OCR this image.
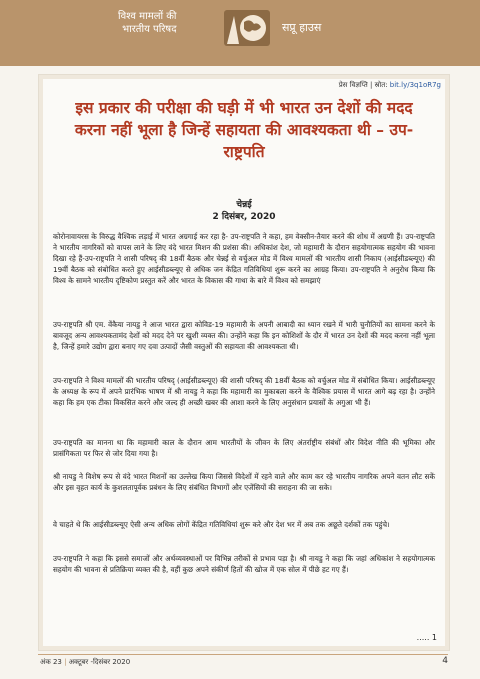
विश्व मामलों की
भारतीय परिषद	सप्रू हाउस
प्रेस विज्ञप्ति | स्रोत: bit.ly/3q1oR7g
इस प्रकार की परीक्षा की घड़ी में भी भारत उन देशों की मदद करना नहीं भूला है जिन्हें सहायता की आवश्यकता थी – उप-राष्ट्रपति
चेन्नई
2 दिसंबर, 2020

कोरोनावायरस के विरुद्ध वैश्विक लड़ाई में भारत अग्रगाई कर रहा है- उप-राष्ट्रपति ने कहा, हम वेक्सीन-तैयार करने की शोध में अग्रणी हैं। उप-राष्ट्रपति ने भारतीय नागरिकों को वापस लाने के लिए वंदे भारत मिशन की प्रशंसा की। अधिकांश देश, जो महामारी के दौरान सहयोगात्मक सहयोग की भावना दिखा रहे हैं-उप-राष्ट्रपति ने शासी परिषद् की 18वीं बैठक और चेन्नई से वर्चुअल मोड में विश्व मामलों की भारतीय शासी निकाय (आईसीडब्ल्यूए) की 19वीं बैठक को संबोधित करते हुए आईसीडब्ल्यूए से अधिक जन केंद्रित गतिविधियां शुरू करने का आग्रह किया। उप-राष्ट्रपति ने अनुरोध किया कि विश्व के सामने भारतीय दृष्टिकोण प्रस्तुत करें और भारत के विकास की गाथा के बारे में विश्व को समझाएं

उप-राष्ट्रपति श्री एम. वेंकैया नायडु ने आज भारत द्वारा कोविड-19 महामारी के अपनी आबादी का ध्यान रखने में भारी चुनौतियों का सामना करने के बावजूद अन्य आवश्यकतामंद देशों को मदद देने पर खुशी व्यक्त की। उन्होंने कहा कि इन कोशिशों के दौर में भारत उन देशों की मदद करना नहीं भूला है, जिन्हें हमारे उद्योग द्वारा बनाए गए दवा उत्पादों जैसी वस्तुओं की सहायता की आवश्यकता थी।

उप-राष्ट्रपति ने विश्व मामलों की भारतीय परिषद् (आईसीडब्ल्यूए) की शासी परिषद् की 18वीं बैठक को वर्चुअल मोड में संबोधित किया। आईसीडब्ल्यूए के अध्यक्ष के रूप में अपने प्रारंभिक भाषण में श्री नायडु ने कहा कि महामारी का मुकाबला करने के वैश्विक प्रयास में भारत आगे बढ़ रहा है। उन्होंने कहा कि हम एक टीका विकसित करने और जल्द ही अच्छी खबर की आशा करने के लिए अनुसंधान प्रयासों के अगुआ भी हैं।

उप-राष्ट्रपति का मानना था कि महामारी काल के दौरान आम भारतीयों के जीवन के लिए अंतर्राष्ट्रीय संबंधों और विदेश नीति की भूमिका और प्रासंगिकता पर फिर से जोर दिया गया है।

श्री नायडु ने विशेष रूप से वंदे भारत मिशनों का उल्लेख किया जिससे विदेशों में रहने वाले और काम कर रहे भारतीय नागरिक अपने वतन लौट सकें और इस वृहत कार्य के कुशलतापूर्वक प्रबंधन के लिए संबंधित विभागों और एजेंसियों की सराहना की जा सके।

वे चाहते थे कि आईसीडब्ल्यूए ऐसी अन्य अधिक लोगों केंद्रित गतिविधियां शुरू करे और देश भर में अब तक अछूते दर्शकों तक पहुंचे।

उप-राष्ट्रपति ने कहा कि इससे समाजों और अर्थव्यवस्थाओं पर विभिन्न तरीकों से प्रभाव पड़ा है। श्री नायडु ने कहा कि जहां अधिकांश ने सहयोगात्मक सहयोग की भावना से प्रतिक्रिया व्यक्त की है, वहीं कुछ अपने संकीर्ण हितों की खोज में एक सोल में पीछे हट गए हैं।

..... 1
अंक 23 | अक्टूबर -दिसंबर 2020	4
